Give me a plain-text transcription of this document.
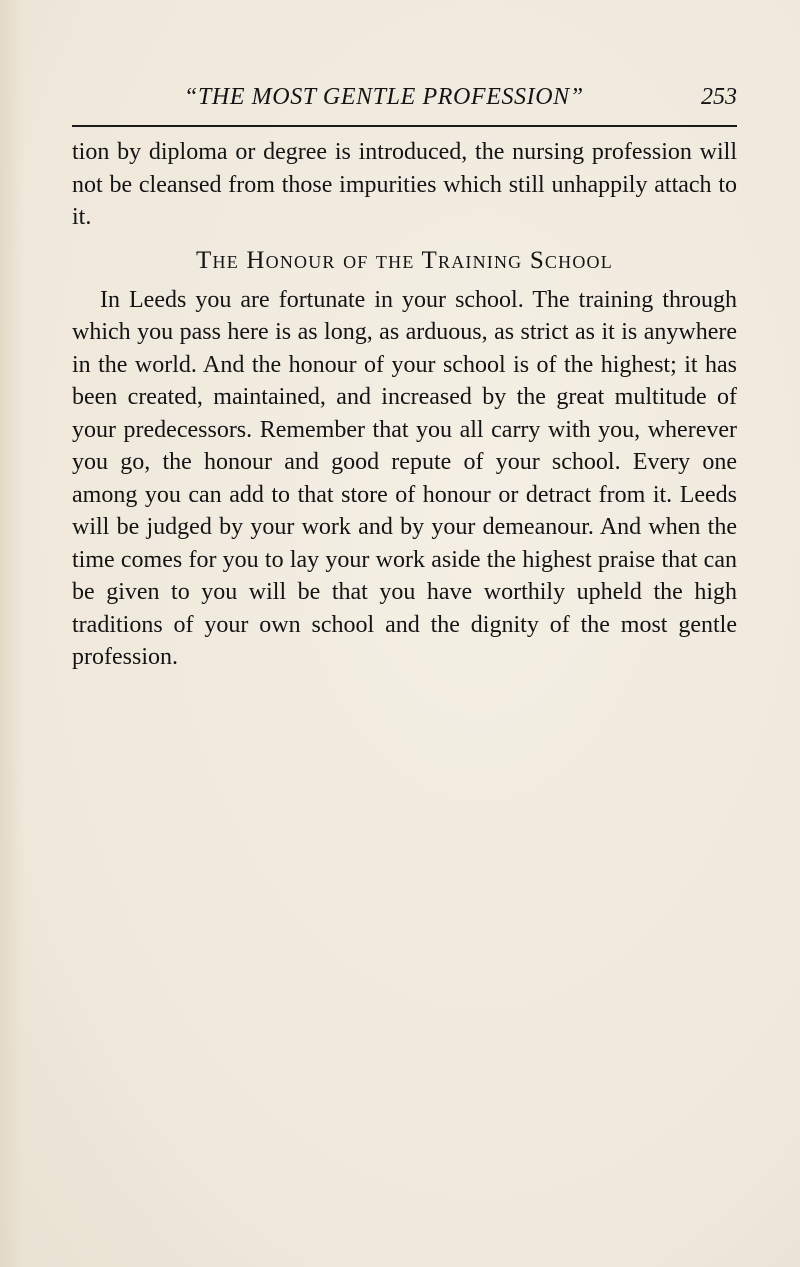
“THE MOST GENTLE PROFESSION”	253

tion by diploma or degree is introduced, the nursing profession will not be cleansed from those impurities which still unhappily attach to it.

The Honour of the Training School

In Leeds you are fortunate in your school. The training through which you pass here is as long, as arduous, as strict as it is anywhere in the world. And the honour of your school is of the highest; it has been created, maintained, and increased by the great multitude of your predecessors. Remember that you all carry with you, wherever you go, the honour and good repute of your school. Every one among you can add to that store of honour or detract from it. Leeds will be judged by your work and by your demeanour. And when the time comes for you to lay your work aside the highest praise that can be given to you will be that you have worthily upheld the high traditions of your own school and the dignity of the most gentle profession.
